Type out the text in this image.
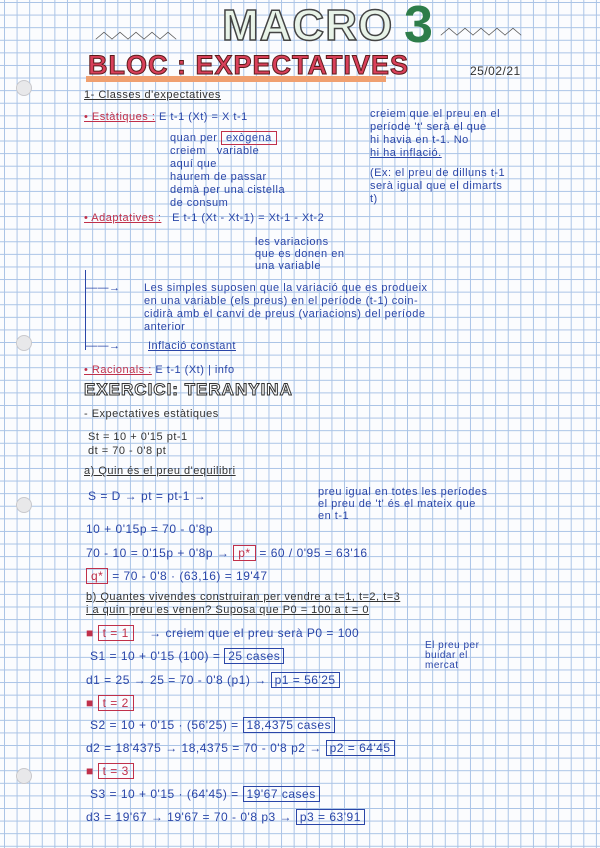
︿︿︿︿︿	︿︿︿︿︿
MACRO 3
BLOC : EXPECTATIVES	25/02/21
1- Classes d'expectatives
• Estàtiques : E t-1 (Xt) = X t-1	creiem que el preu en el
període 't' serà el que
hi havia en t-1. No
hi ha inflació.
quan per exògena
creiem variable
aquí que
haurem de passar
demà per una cistella
de consum
(Ex: el preu de dilluns t-1
serà igual que el dimarts
t)
• Adaptatives : E t-1 (Xt - Xt-1) = Xt-1 - Xt-2
les variacions
que es donen en
una variable
——→ Les simples suposen que la variació que es produeix
en una variable (els preus) en el període (t-1) coin-
cidirà amb el canvi de preus (variacions) del període
anterior
——→	Inflació constant
• Racionals : E t-1 (Xt) | info
EXERCICI: TERANYINA
- Expectatives estàtiques
St = 10 + 0'15 pt-1
dt = 70 - 0'8 pt
a) Quin és el preu d'equilibri
S = D → pt = pt-1 →	preu igual en totes les períodes
el preu de 't' és el mateix que
en t-1
10 + 0'15p = 70 - 0'8p
70 - 10 = 0'15p + 0'8p → p* = 60 / 0'95 = 63'16
q* = 70 - 0'8 · (63,16) = 19'47
b) Quantes vivendes construiran per vendre a t=1, t=2, t=3
i a quin preu es venen? Suposa que P0 = 100 a t = 0
■ t = 1 → creiem que el preu serà P0 = 100
S1 = 10 + 0'15 (100) = 25 cases
El preu per
buidar el
mercat
d1 = 25 → 25 = 70 - 0'8 (p1) → p1 = 56'25
■ t = 2
S2 = 10 + 0'15 · (56'25) = 18,4375 cases
d2 = 18'4375 → 18,4375 = 70 - 0'8 p2 → p2 = 64'45
■ t = 3
S3 = 10 + 0'15 · (64'45) = 19'67 cases
d3 = 19'67 → 19'67 = 70 - 0'8 p3 → p3 = 63'91
